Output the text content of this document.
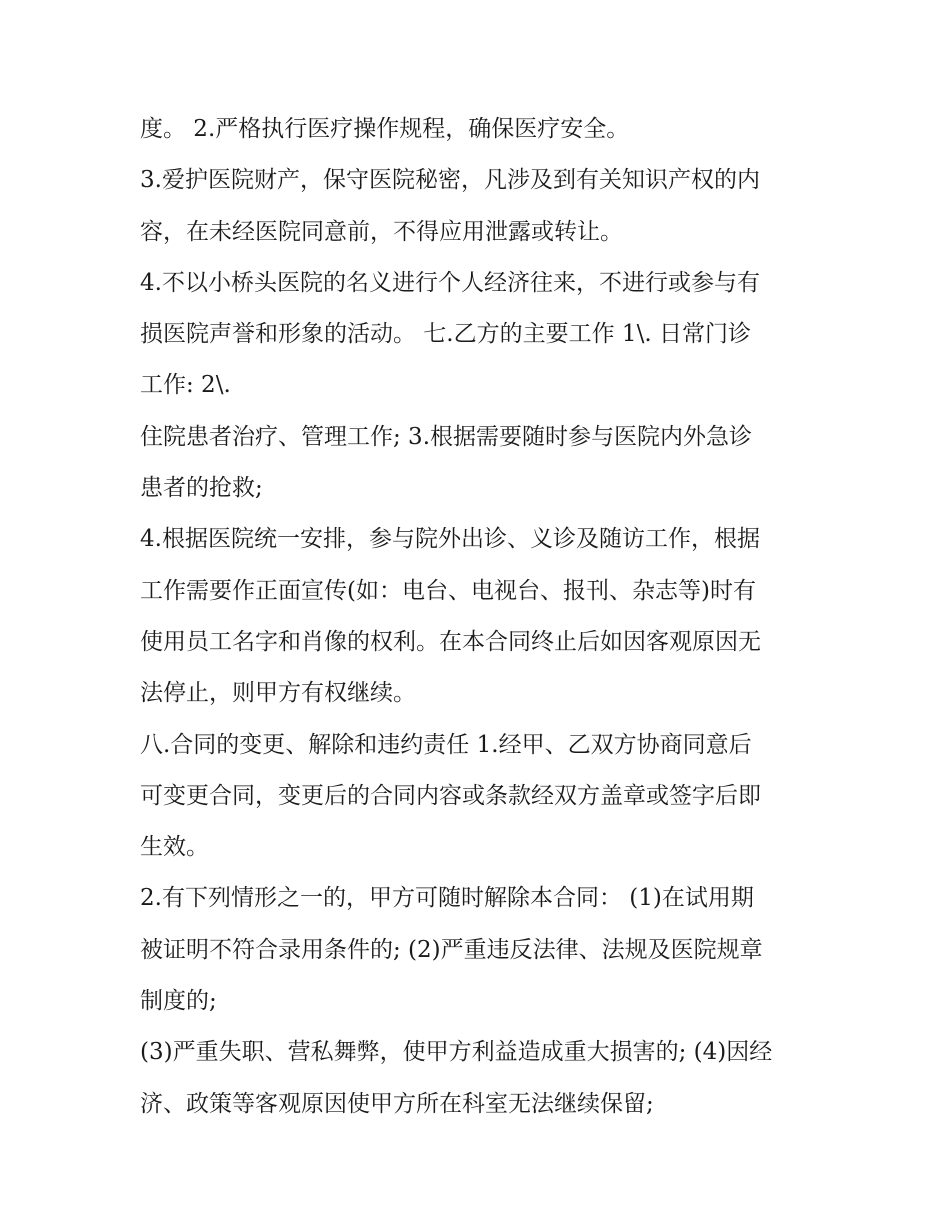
度。 2.严格执行医疗操作规程，确保医疗安全。
3.爱护医院财产，保守医院秘密，凡涉及到有关知识产权的内
容，在未经医院同意前，不得应用泄露或转让。
4.不以小桥头医院的名义进行个人经济往来，不进行或参与有
损医院声誉和形象的活动。 七.乙方的主要工作 1\. 日常门诊
工作: 2\.
住院患者治疗、管理工作; 3.根据需要随时参与医院内外急诊
患者的抢救;
4.根据医院统一安排，参与院外出诊、义诊及随访工作，根据
工作需要作正面宣传(如：电台、电视台、报刊、杂志等)时有
使用员工名字和肖像的权利。在本合同终止后如因客观原因无
法停止，则甲方有权继续。
八.合同的变更、解除和违约责任 1.经甲、乙双方协商同意后
可变更合同，变更后的合同内容或条款经双方盖章或签字后即
生效。
2.有下列情形之一的，甲方可随时解除本合同： (1)在试用期
被证明不符合录用条件的; (2)严重违反法律、法规及医院规章
制度的;
(3)严重失职、营私舞弊，使甲方利益造成重大损害的; (4)因经
济、政策等客观原因使甲方所在科室无法继续保留;
